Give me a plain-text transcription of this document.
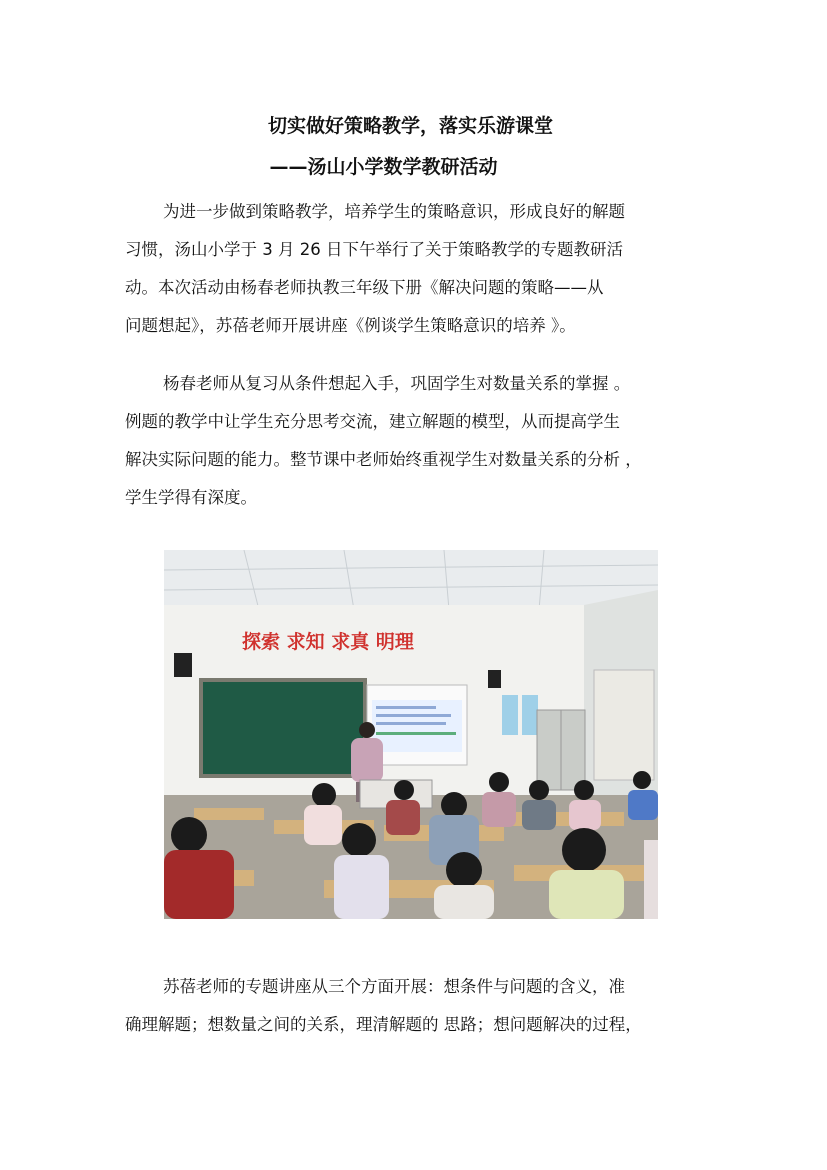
切实做好策略教学，落实乐游课堂
——汤山小学数学教研活动
为进一步做到策略教学，培养学生的策略意识，形成良好的解题
习惯，汤山小学于 3 月 26 日下午举行了关于策略教学的专题教研活
动。本次活动由杨春老师执教三年级下册《解决问题的策略——从
问题想起》，苏蓓老师开展讲座《例谈学生策略意识的培养 》。
杨春老师从复习从条件想起入手，巩固学生对数量关系的掌握 。
例题的教学中让学生充分思考交流，建立解题的模型，从而提高学生
解决实际问题的能力。整节课中老师始终重视学生对数量关系的分析 ，
学生学得有深度。
探索 求知 求真 明理
苏蓓老师的专题讲座从三个方面开展：想条件与问题的含义，准
确理解题；想数量之间的关系，理清解题的 思路；想问题解决的过程，
